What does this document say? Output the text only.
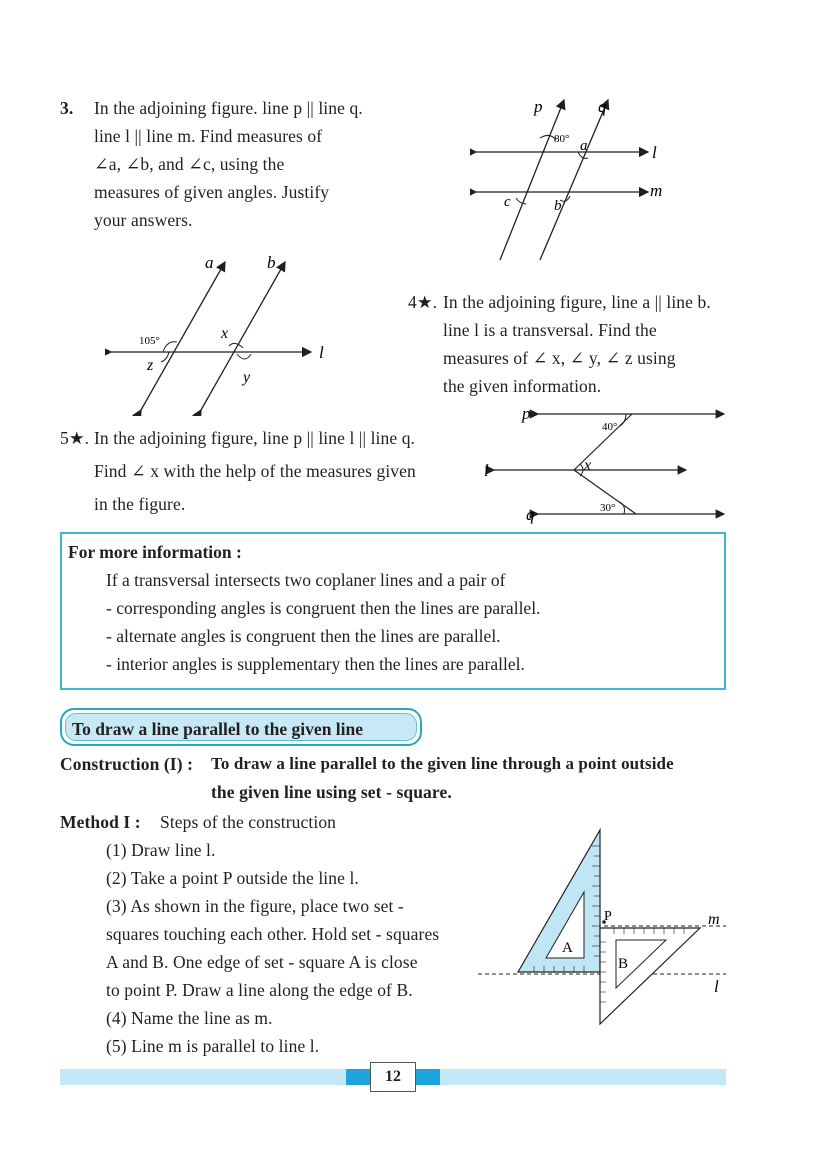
3. In the adjoining figure. line p || line q.
line l || line m. Find measures of
∠a, ∠b, and ∠c, using the
measures of given angles. Justify
your answers.
p	q
l
m
a
b
c
80°
a	b
l
x
y
z
105°
4★. In the adjoining figure, line a || line b.
line l is a transversal. Find the
measures of ∠ x, ∠ y, ∠ z using
the given information.
5★. In the adjoining figure, line p || line l || line q.
Find ∠ x with the help of the measures given
in the figure.
p
l
q
x
40°
30°
For more information :
If a transversal intersects two coplaner lines and a pair of
- corresponding angles is congruent then the lines are parallel.
- alternate angles is congruent then the lines are parallel.
- interior angles is supplementary then the lines are parallel.
To draw a line parallel to the given line
Construction (I) : To draw a line parallel to the given line through a point outside
the given line using set - square.
Method I : Steps of the construction
(1) Draw line l.
(2) Take a point P outside the line l.
(3) As shown in the figure, place two set -
squares touching each other. Hold set - squares
A and B. One edge of set - square A is close
to point P. Draw a line along the edge of B.
(4) Name the line as m.
(5) Line m is parallel to line l.
P
A
B
m
l
12
